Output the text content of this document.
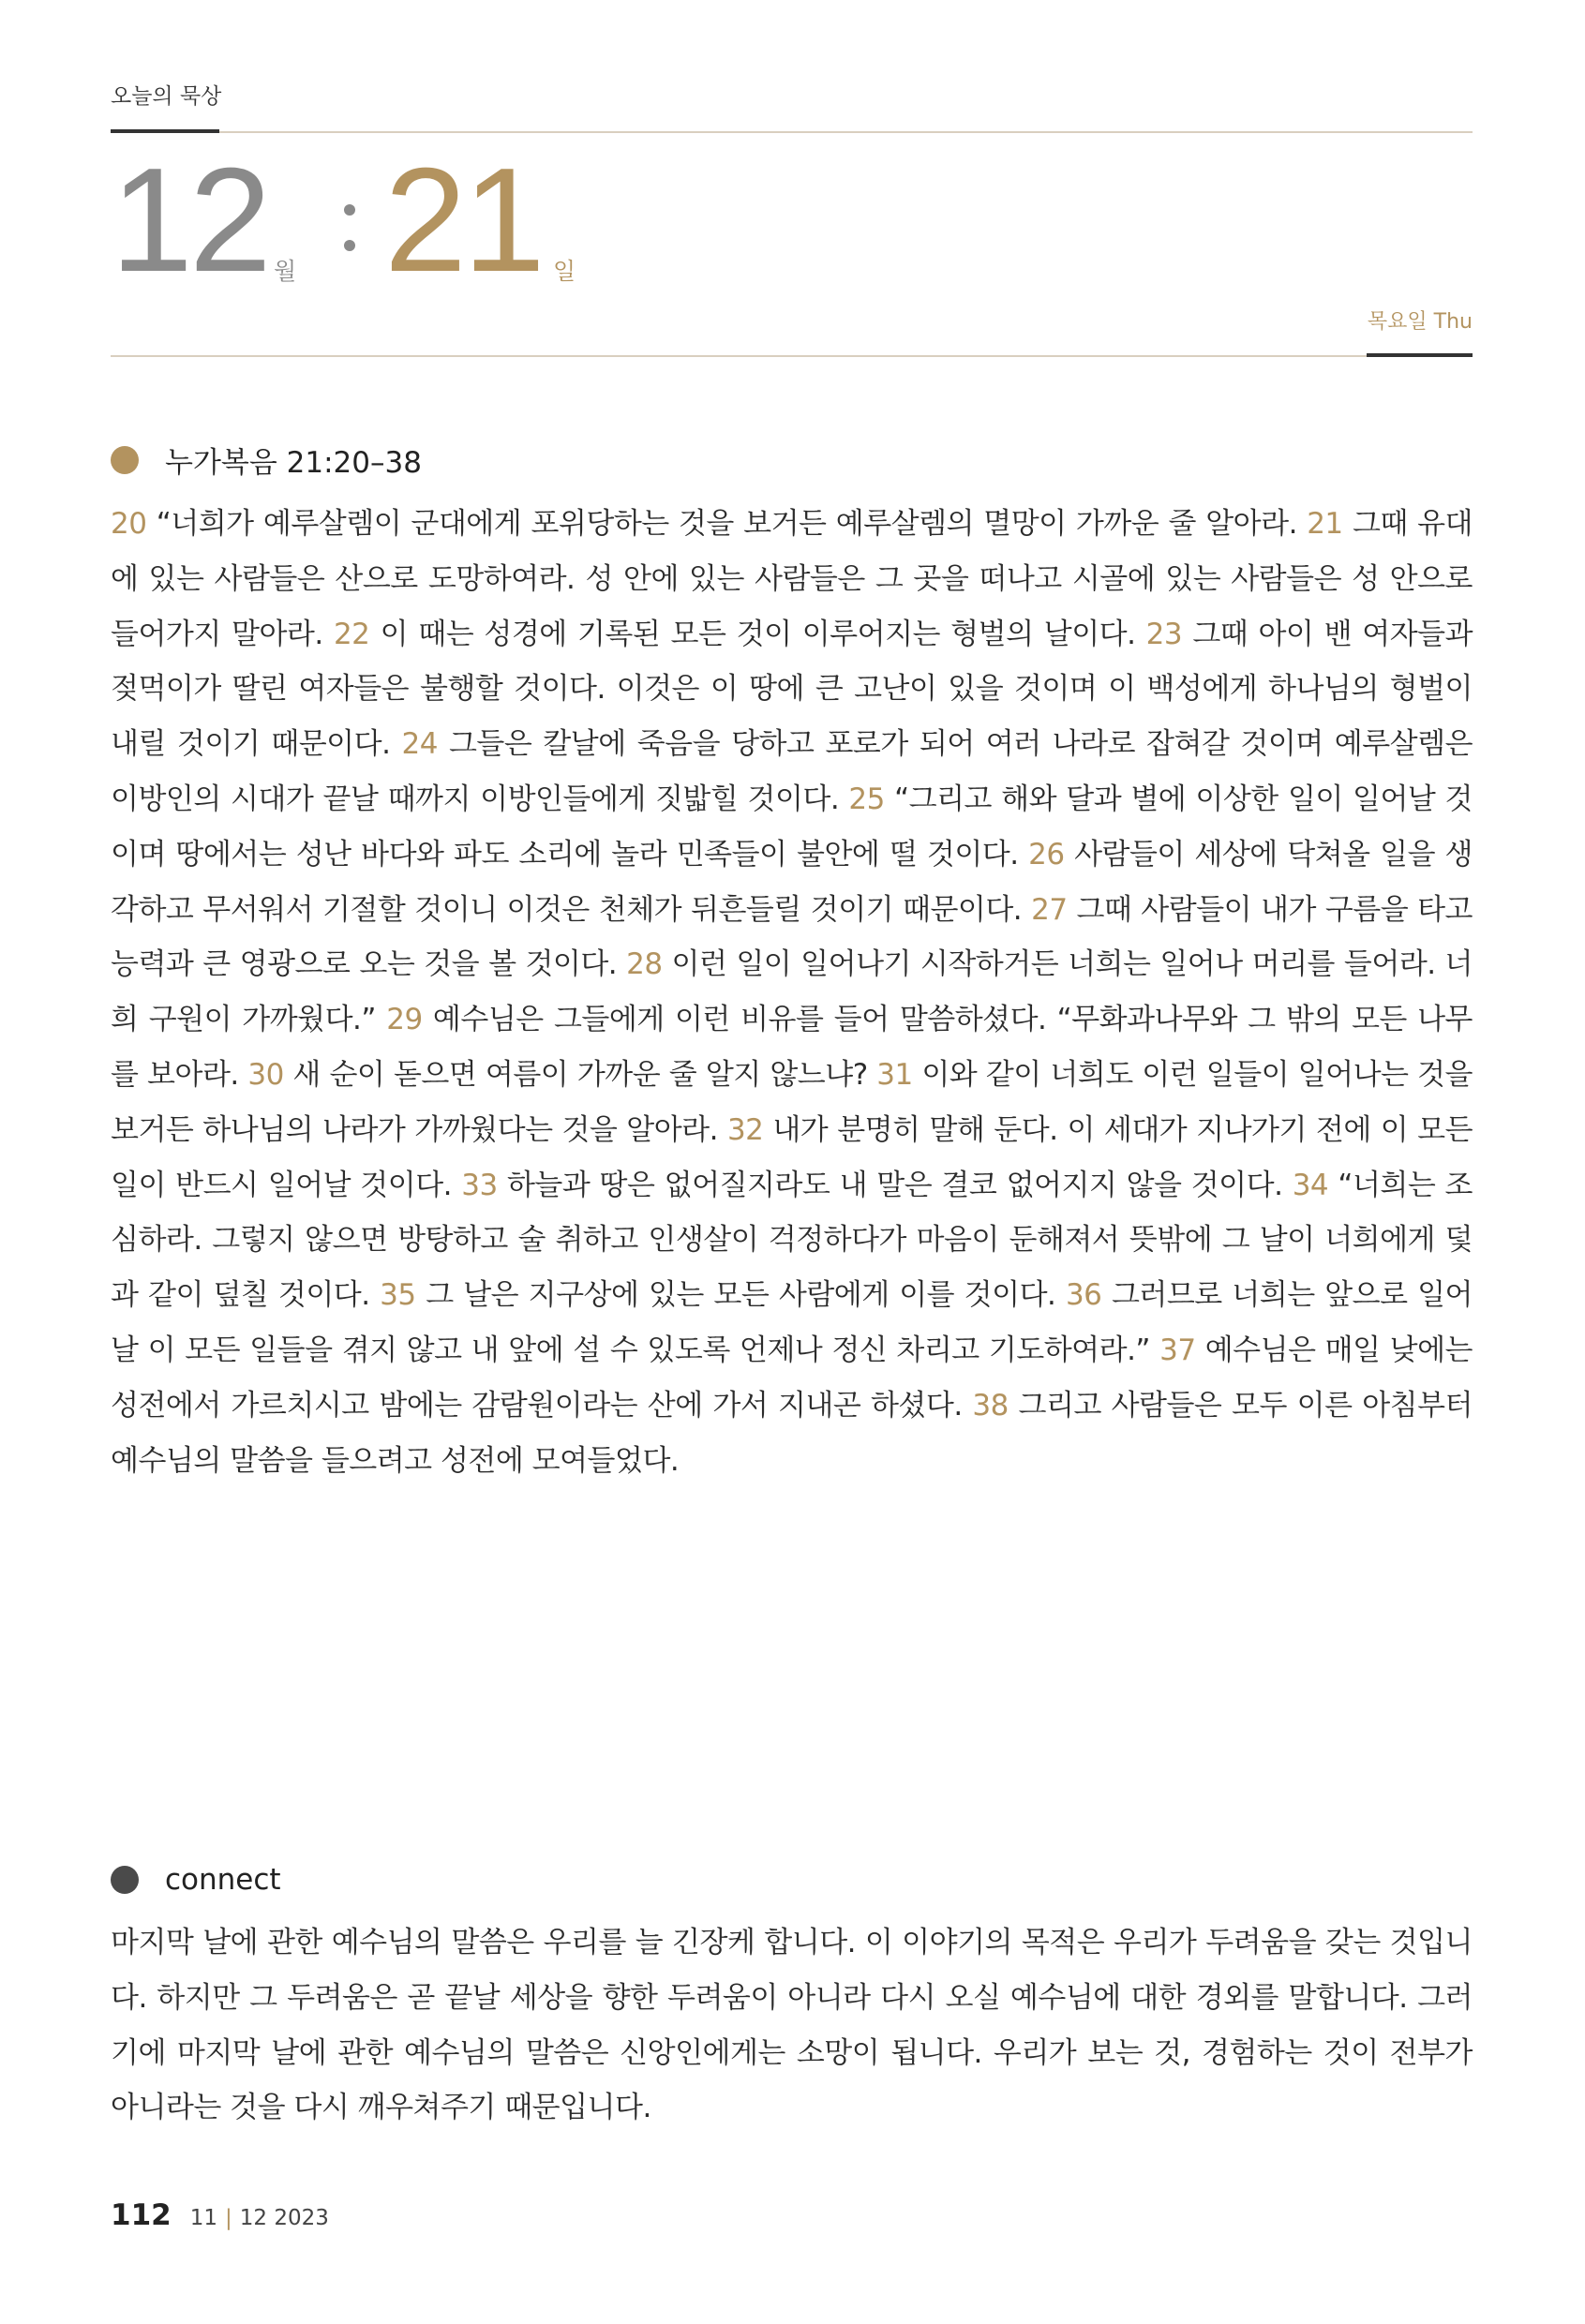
오늘의 묵상
12 월 21 일
목요일 Thu
누가복음 21:20–38
20 “너희가 예루살렘이 군대에게 포위당하는 것을 보거든 예루살렘의 멸망이 가까운 줄 알아라. 21 그때 유대에 있는 사람들은 산으로 도망하여라. 성 안에 있는 사람들은 그 곳을 떠나고 시골에 있는 사람들은 성 안으로 들어가지 말아라. 22 이 때는 성경에 기록된 모든 것이 이루어지는 형벌의 날이다. 23 그때 아이 밴 여자들과 젖먹이가 딸린 여자들은 불행할 것이다. 이것은 이 땅에 큰 고난이 있을 것이며 이 백성에게 하나님의 형벌이 내릴 것이기 때문이다. 24 그들은 칼날에 죽음을 당하고 포로가 되어 여러 나라로 잡혀갈 것이며 예루살렘은 이방인의 시대가 끝날 때까지 이방인들에게 짓밟힐 것이다. 25 “그리고 해와 달과 별에 이상한 일이 일어날 것이며 땅에서는 성난 바다와 파도 소리에 놀라 민족들이 불안에 떨 것이다. 26 사람들이 세상에 닥쳐올 일을 생각하고 무서워서 기절할 것이니 이것은 천체가 뒤흔들릴 것이기 때문이다. 27 그때 사람들이 내가 구름을 타고 능력과 큰 영광으로 오는 것을 볼 것이다. 28 이런 일이 일어나기 시작하거든 너희는 일어나 머리를 들어라. 너희 구원이 가까웠다.” 29 예수님은 그들에게 이런 비유를 들어 말씀하셨다. “무화과나무와 그 밖의 모든 나무를 보아라. 30 새 순이 돋으면 여름이 가까운 줄 알지 않느냐? 31 이와 같이 너희도 이런 일들이 일어나는 것을 보거든 하나님의 나라가 가까웠다는 것을 알아라. 32 내가 분명히 말해 둔다. 이 세대가 지나가기 전에 이 모든 일이 반드시 일어날 것이다. 33 하늘과 땅은 없어질지라도 내 말은 결코 없어지지 않을 것이다. 34 “너희는 조심하라. 그렇지 않으면 방탕하고 술 취하고 인생살이 걱정하다가 마음이 둔해져서 뜻밖에 그 날이 너희에게 덫과 같이 덮칠 것이다. 35 그 날은 지구상에 있는 모든 사람에게 이를 것이다. 36 그러므로 너희는 앞으로 일어날 이 모든 일들을 겪지 않고 내 앞에 설 수 있도록 언제나 정신 차리고 기도하여라.” 37 예수님은 매일 낮에는 성전에서 가르치시고 밤에는 감람원이라는 산에 가서 지내곤 하셨다. 38 그리고 사람들은 모두 이른 아침부터 예수님의 말씀을 들으려고 성전에 모여들었다.
connect
마지막 날에 관한 예수님의 말씀은 우리를 늘 긴장케 합니다. 이 이야기의 목적은 우리가 두려움을 갖는 것입니다. 하지만 그 두려움은 곧 끝날 세상을 향한 두려움이 아니라 다시 오실 예수님에 대한 경외를 말합니다. 그러기에 마지막 날에 관한 예수님의 말씀은 신앙인에게는 소망이 됩니다. 우리가 보는 것, 경험하는 것이 전부가 아니라는 것을 다시 깨우쳐주기 때문입니다.
112 11 | 12 2023
